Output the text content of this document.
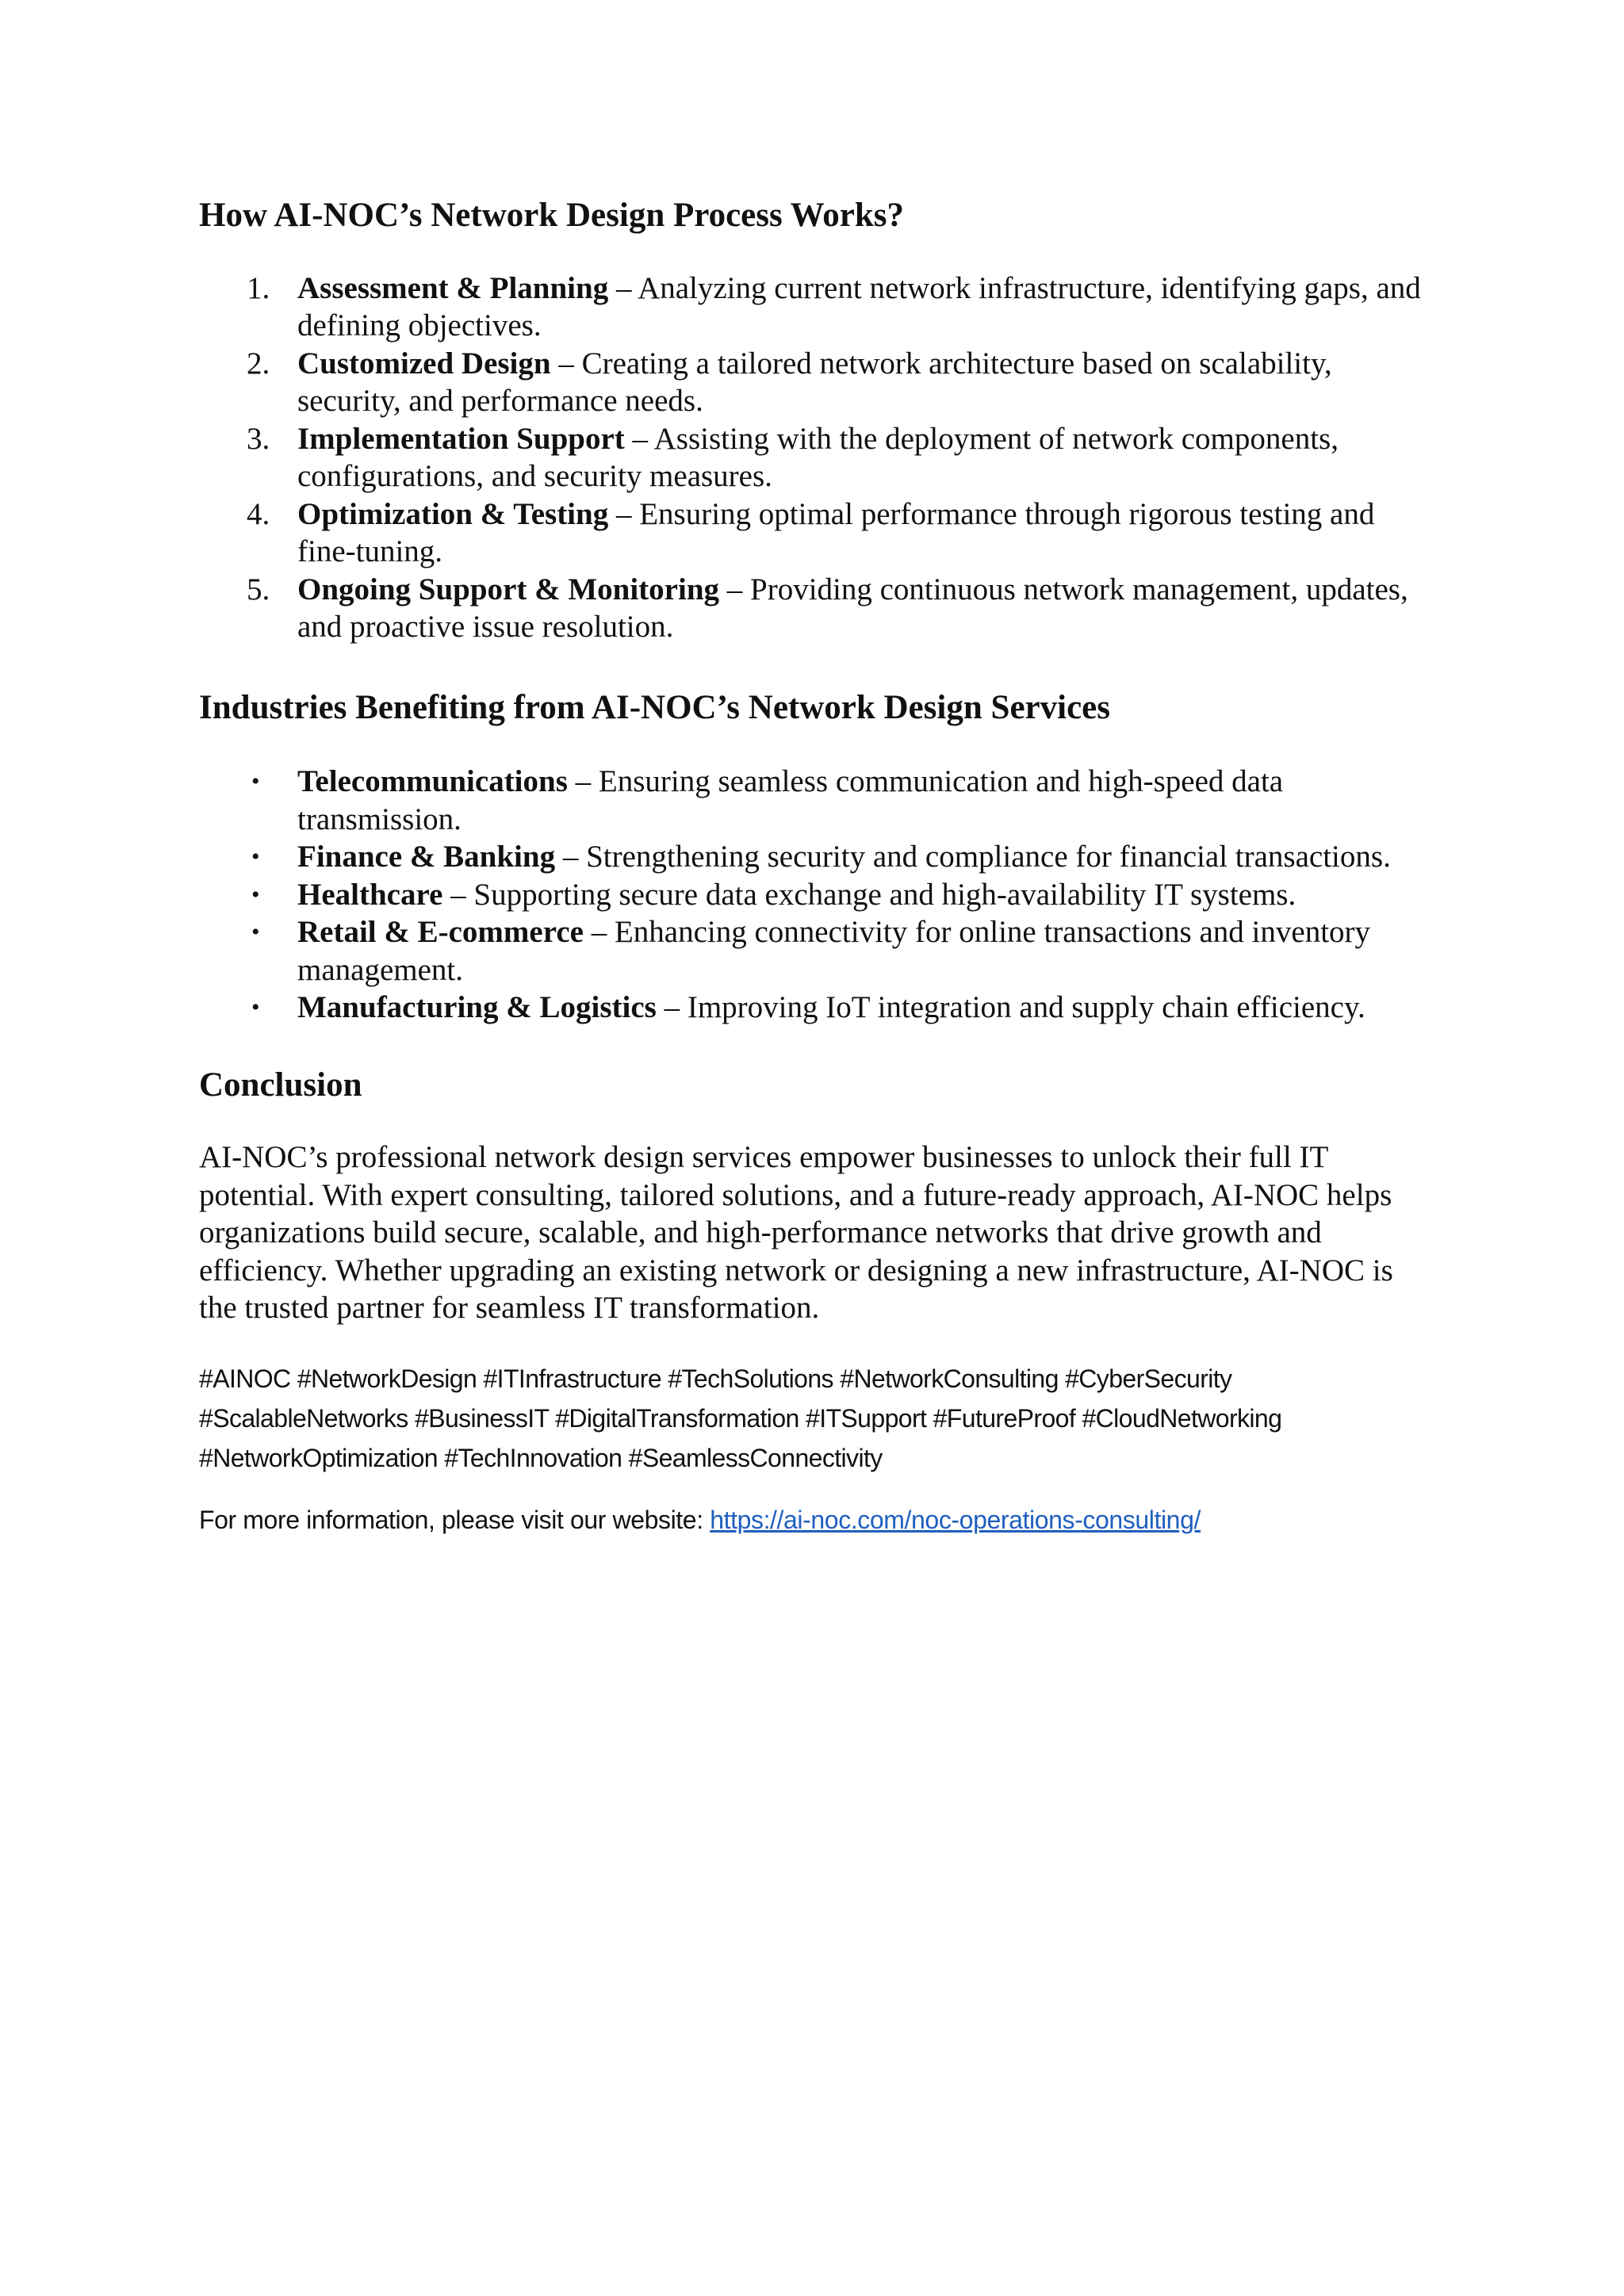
How AI-NOC’s Network Design Process Works?
1. Assessment & Planning – Analyzing current network infrastructure, identifying gaps, and defining objectives.
2. Customized Design – Creating a tailored network architecture based on scalability, security, and performance needs.
3. Implementation Support – Assisting with the deployment of network components, configurations, and security measures.
4. Optimization & Testing – Ensuring optimal performance through rigorous testing and fine-tuning.
5. Ongoing Support & Monitoring – Providing continuous network management, updates, and proactive issue resolution.
Industries Benefiting from AI-NOC’s Network Design Services
•	Telecommunications – Ensuring seamless communication and high-speed data transmission.
•	Finance & Banking – Strengthening security and compliance for financial transactions.
•	Healthcare – Supporting secure data exchange and high-availability IT systems.
•	Retail & E-commerce – Enhancing connectivity for online transactions and inventory management.
•	Manufacturing & Logistics – Improving IoT integration and supply chain efficiency.
Conclusion

AI-NOC’s professional network design services empower businesses to unlock their full IT potential. With expert consulting, tailored solutions, and a future-ready approach, AI-NOC helps organizations build secure, scalable, and high-performance networks that drive growth and efficiency. Whether upgrading an existing network or designing a new infrastructure, AI-NOC is the trusted partner for seamless IT transformation.

#AINOC #NetworkDesign #ITInfrastructure #TechSolutions #NetworkConsulting #CyberSecurity
#ScalableNetworks #BusinessIT #DigitalTransformation #ITSupport #FutureProof #CloudNetworking
#NetworkOptimization #TechInnovation #SeamlessConnectivity

For more information, please visit our website: https://ai-noc.com/noc-operations-consulting/
